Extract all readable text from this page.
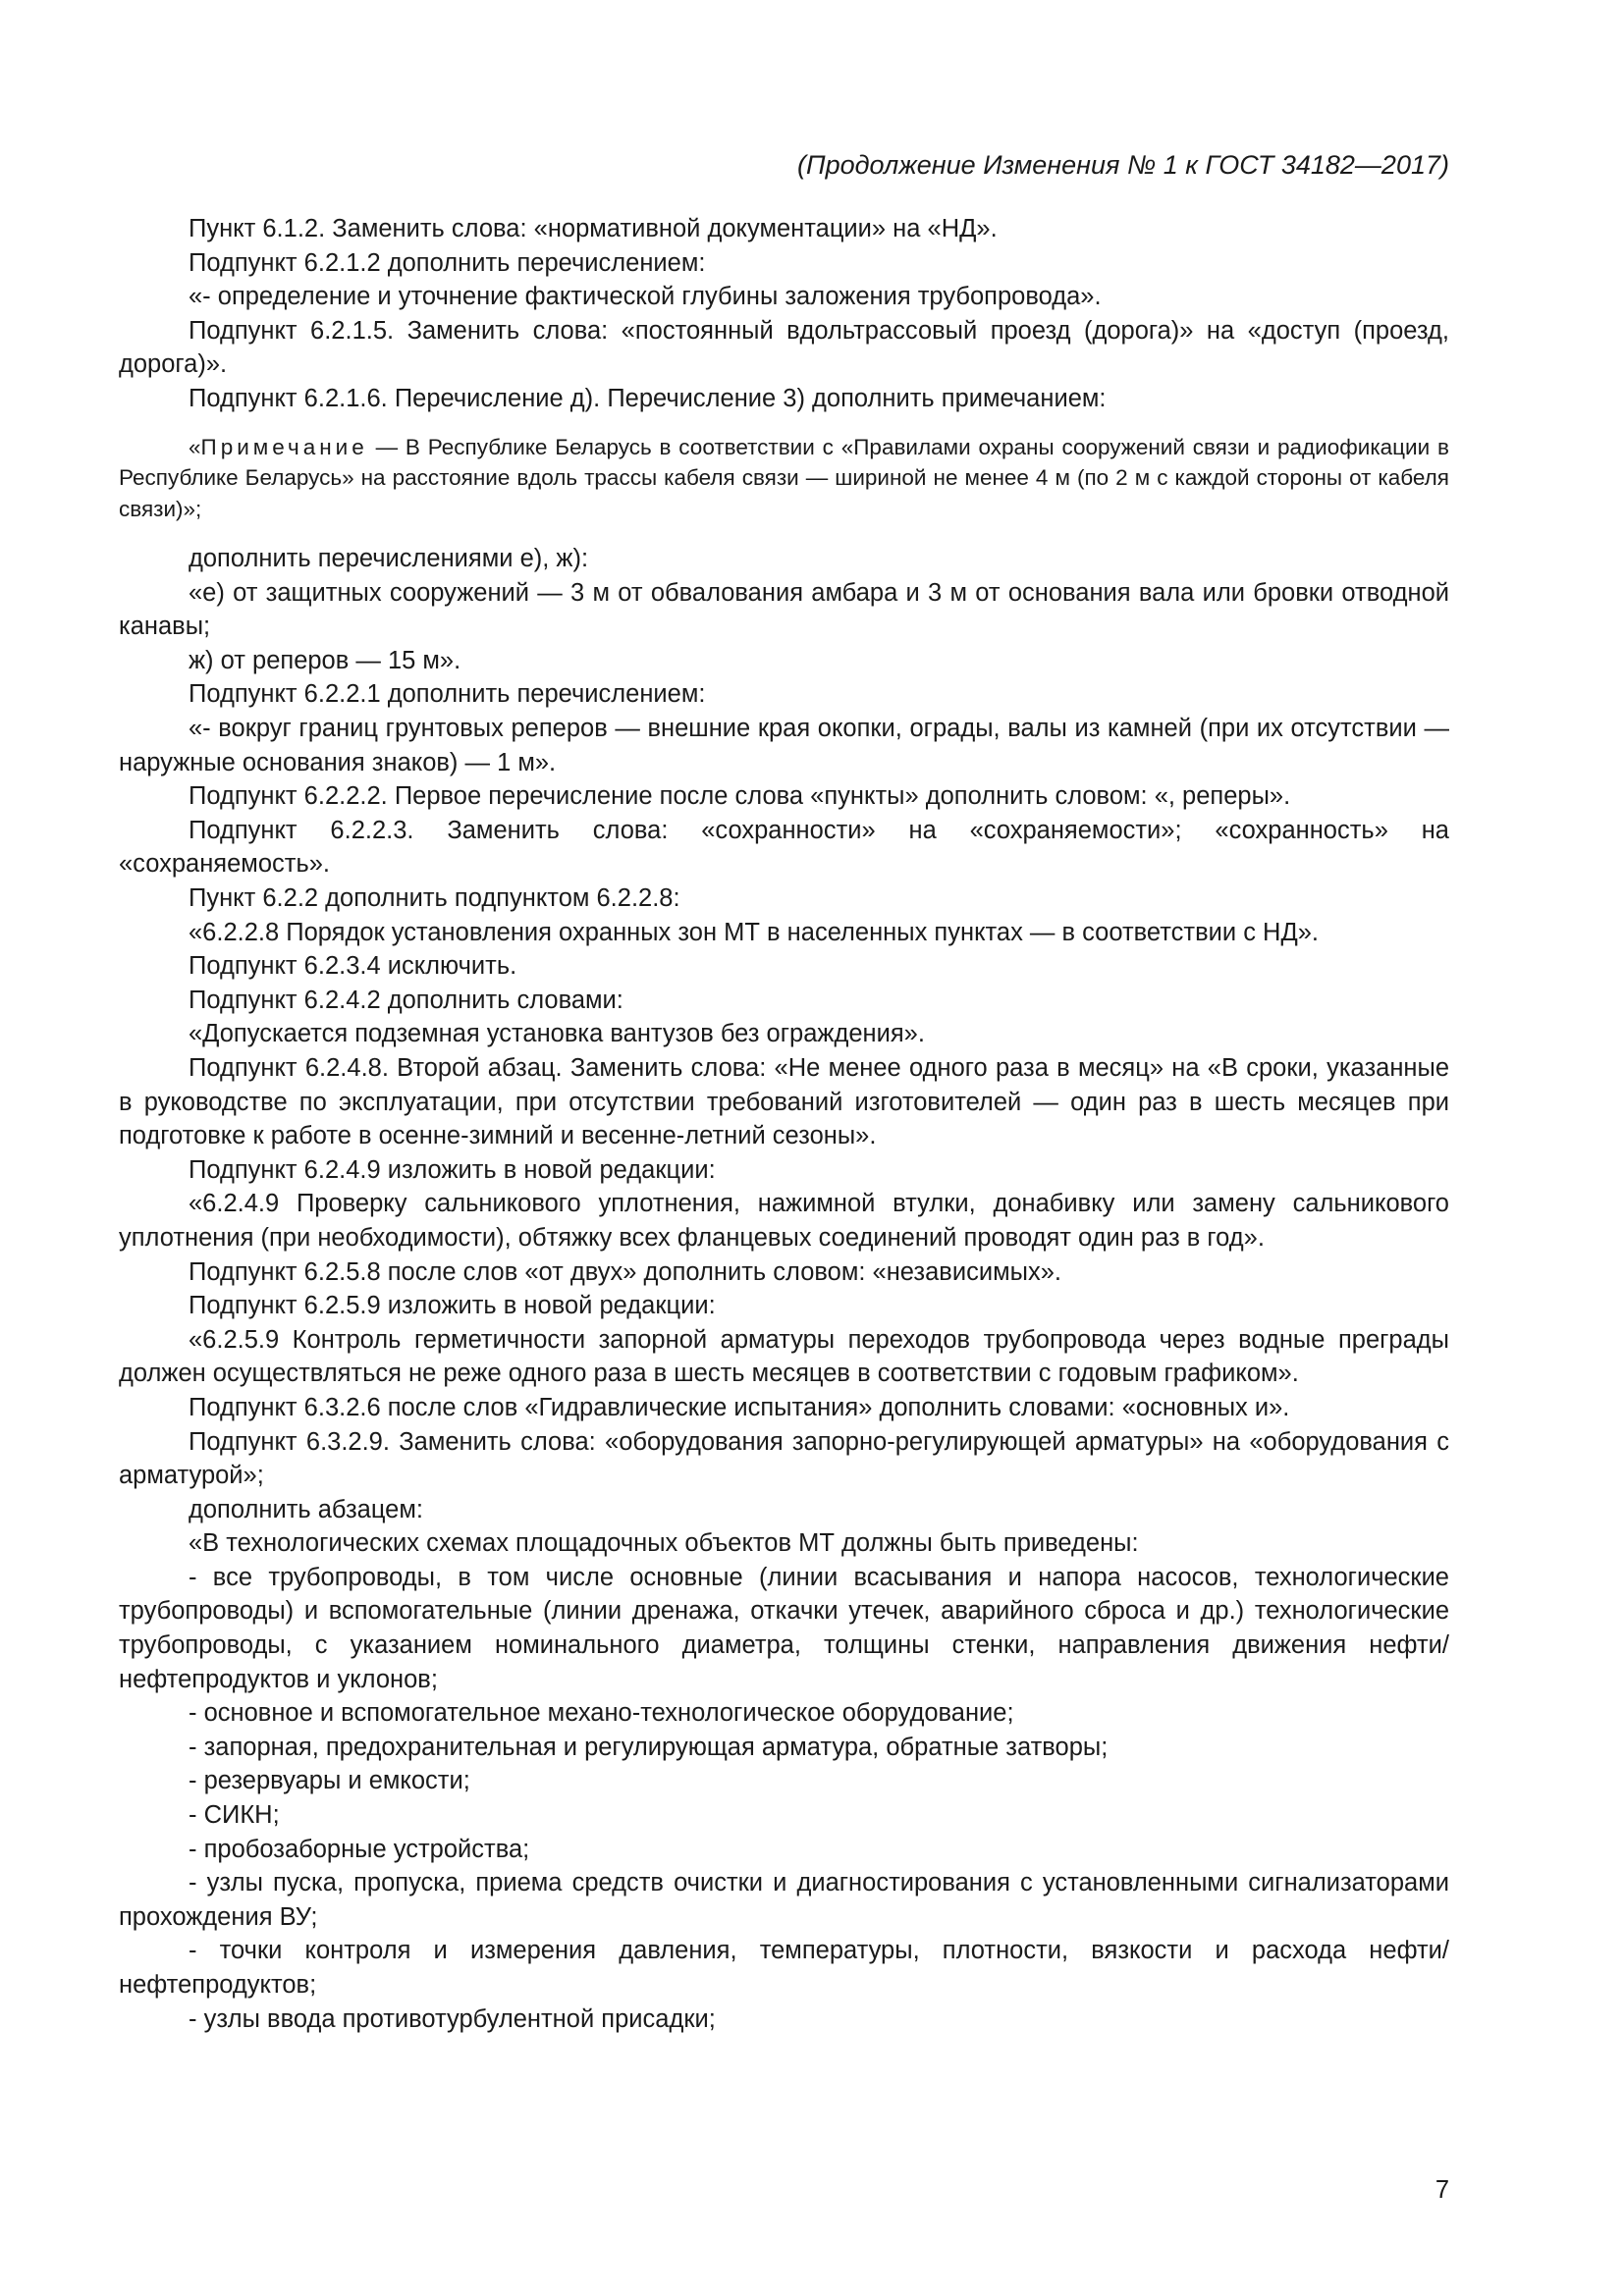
(Продолжение Изменения № 1 к ГОСТ 34182—2017)

Пункт 6.1.2. Заменить слова: «нормативной документации» на «НД».

Подпункт 6.2.1.2 дополнить перечислением:

«- определение и уточнение фактической глубины заложения трубопровода».

Подпункт 6.2.1.5. Заменить слова: «постоянный вдольтрассовый проезд (дорога)» на «доступ (проезд, дорога)».

Подпункт 6.2.1.6. Перечисление д). Перечисление 3) дополнить примечанием:

«Примечание — В Республике Беларусь в соответствии с «Правилами охраны сооружений связи и радиофикации в Республике Беларусь» на расстояние вдоль трассы кабеля связи — шириной не менее 4 м (по 2 м с каждой стороны от кабеля связи)»;

дополнить перечислениями е), ж):

«е) от защитных сооружений — 3 м от обвалования амбара и 3 м от основания вала или бровки отводной канавы;

ж) от реперов — 15 м».

Подпункт 6.2.2.1 дополнить перечислением:

«- вокруг границ грунтовых реперов — внешние края окопки, ограды, валы из камней (при их отсутствии — наружные основания знаков) — 1 м».

Подпункт 6.2.2.2. Первое перечисление после слова «пункты» дополнить словом: «, реперы».

Подпункт 6.2.2.3. Заменить слова: «сохранности» на «сохраняемости»; «сохранность» на «сохраняемость».

Пункт 6.2.2 дополнить подпунктом 6.2.2.8:

«6.2.2.8 Порядок установления охранных зон МТ в населенных пунктах — в соответствии с НД».

Подпункт 6.2.3.4 исключить.

Подпункт 6.2.4.2 дополнить словами:

«Допускается подземная установка вантузов без ограждения».

Подпункт 6.2.4.8. Второй абзац. Заменить слова: «Не менее одного раза в месяц» на «В сроки, указанные в руководстве по эксплуатации, при отсутствии требований изготовителей — один раз в шесть месяцев при подготовке к работе в осенне-зимний и весенне-летний сезоны».

Подпункт 6.2.4.9 изложить в новой редакции:

«6.2.4.9 Проверку сальникового уплотнения, нажимной втулки, донабивку или замену сальникового уплотнения (при необходимости), обтяжку всех фланцевых соединений проводят один раз в год».

Подпункт 6.2.5.8 после слов «от двух» дополнить словом: «независимых».

Подпункт 6.2.5.9 изложить в новой редакции:

«6.2.5.9 Контроль герметичности запорной арматуры переходов трубопровода через водные преграды должен осуществляться не реже одного раза в шесть месяцев в соответствии с годовым графиком».

Подпункт 6.3.2.6 после слов «Гидравлические испытания» дополнить словами: «основных и».

Подпункт 6.3.2.9. Заменить слова: «оборудования запорно-регулирующей арматуры» на «оборудования с арматурой»;

дополнить абзацем:

«В технологических схемах площадочных объектов МТ должны быть приведены:

- все трубопроводы, в том числе основные (линии всасывания и напора насосов, технологические трубопроводы) и вспомогательные (линии дренажа, откачки утечек, аварийного сброса и др.) технологические трубопроводы, с указанием номинального диаметра, толщины стенки, направления движения нефти/нефтепродуктов и уклонов;

- основное и вспомогательное механо-технологическое оборудование;

- запорная, предохранительная и регулирующая арматура, обратные затворы;

- резервуары и емкости;

- СИКН;

- пробозаборные устройства;

- узлы пуска, пропуска, приема средств очистки и диагностирования с установленными сигнализаторами прохождения ВУ;

- точки контроля и измерения давления, температуры, плотности, вязкости и расхода нефти/нефтепродуктов;

- узлы ввода противотурбулентной присадки;

7
